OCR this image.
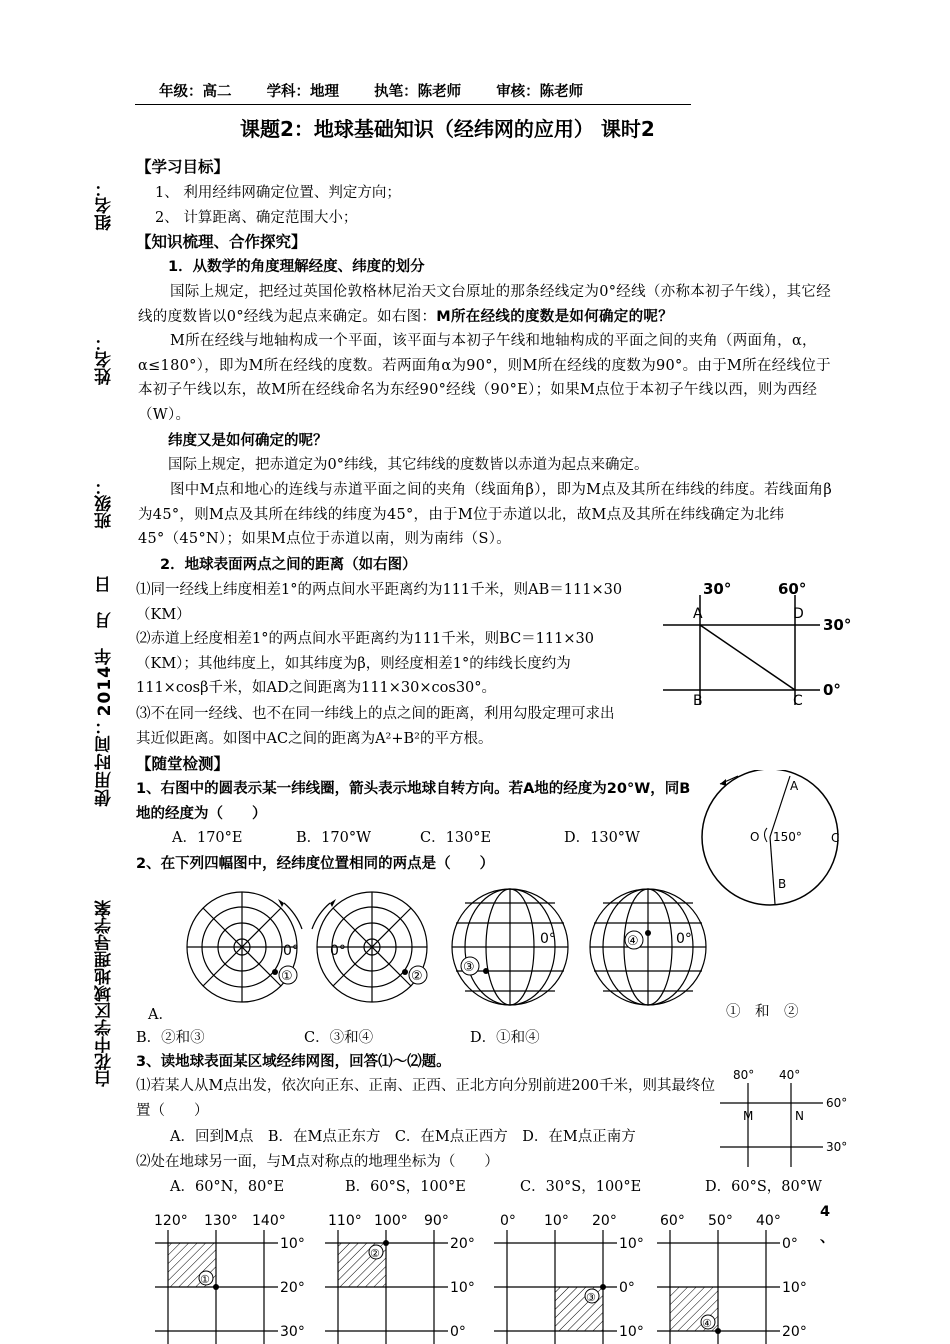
年级：高二 学科：地理 执笔：陈老师 审核：陈老师
课题2：地球基础知识（经纬网的应用） 课时2
组名：
姓名：
班级：
使用时间：2014年　月　日
白花中学区域地理导学案
【学习目标】
1、 利用经纬网确定位置、判定方向；
2、 计算距离、确定范围大小；
【知识梳理、合作探究】
1．从数学的角度理解经度、纬度的划分
国际上规定，把经过英国伦敦格林尼治天文台原址的那条经线定为0°经线（亦称本初子午线），其它经线的度数皆以0°经线为起点来确定。如右图：M所在经线的度数是如何确定的呢？
M所在经线与地轴构成一个平面，该平面与本初子午线和地轴构成的平面之间的夹角（两面角，α，α≤180°），即为M所在经线的度数。若两面角α为90°，则M所在经线的度数为90°。由于M所在经线位于本初子午线以东，故M所在经线命名为东经90°经线（90°E）；如果M点位于本初子午线以西，则为西经（W）。
纬度又是如何确定的呢？
国际上规定，把赤道定为0°纬线，其它纬线的度数皆以赤道为起点来确定。
图中M点和地心的连线与赤道平面之间的夹角（线面角β），即为M点及其所在纬线的纬度。若线面角β为45°，则M点及其所在纬线的纬度为45°，由于M位于赤道以北，故M点及其所在纬线确定为北纬45°（45°N）；如果M点位于赤道以南，则为南纬（S）。
2．地球表面两点之间的距离（如右图）
⑴同一经线上纬度相差1°的两点间水平距离约为111千米，则AB＝111×30（KM）
⑵赤道上经度相差1°的两点间水平距离约为111千米，则BC＝111×30（KM）；其他纬度上，如其纬度为β，则经度相差1°的纬线长度约为111×cosβ千米，如AD之间距离为111×30×cos30°。
⑶不在同一经线、也不在同一纬线上的点之间的距离，利用勾股定理可求出其近似距离。如图中AC之间的距离为A²+B²的平方根。
30°	60°
30°
0°
A	D
B	C
【随堂检测】
1、右图中的圆表示某一纬线圈，箭头表示地球自转方向。若A地的经度为20°W，同B地的经度为（　　）
A．170°E	B．170°W	C．130°E	D．130°W
A
B
C
O 150°
2、在下列四幅图中，经纬度位置相同的两点是（　　）
①
0°
②
0°
③
0°	④	0°
A．	①　和　②
B．②和③	C．③和④	D．①和④
3、读地球表面某区域经纬网图，回答⑴～⑵题。
⑴若某人从M点出发，依次向正东、正南、正西、正北方向分别前进200千米，则其最终位置（　　）
A．回到M点　B．在M点正东方　C．在M点正西方　D．在M点正南方
⑵处在地球另一面，与M点对称点的地理坐标为（　　）
A．60°N，80°E	B．60°S，100°E	C．30°S，100°E	D．60°S，80°W
80° 40°
60°
30°
M	N
4
、
①
120° 130° 140°
10°
20°
30°
②
110° 100° 90°
20°
10°
0°
③
0° 10° 20°
10°
0°
10°
④
60° 50° 40°
0°
10°
20°
